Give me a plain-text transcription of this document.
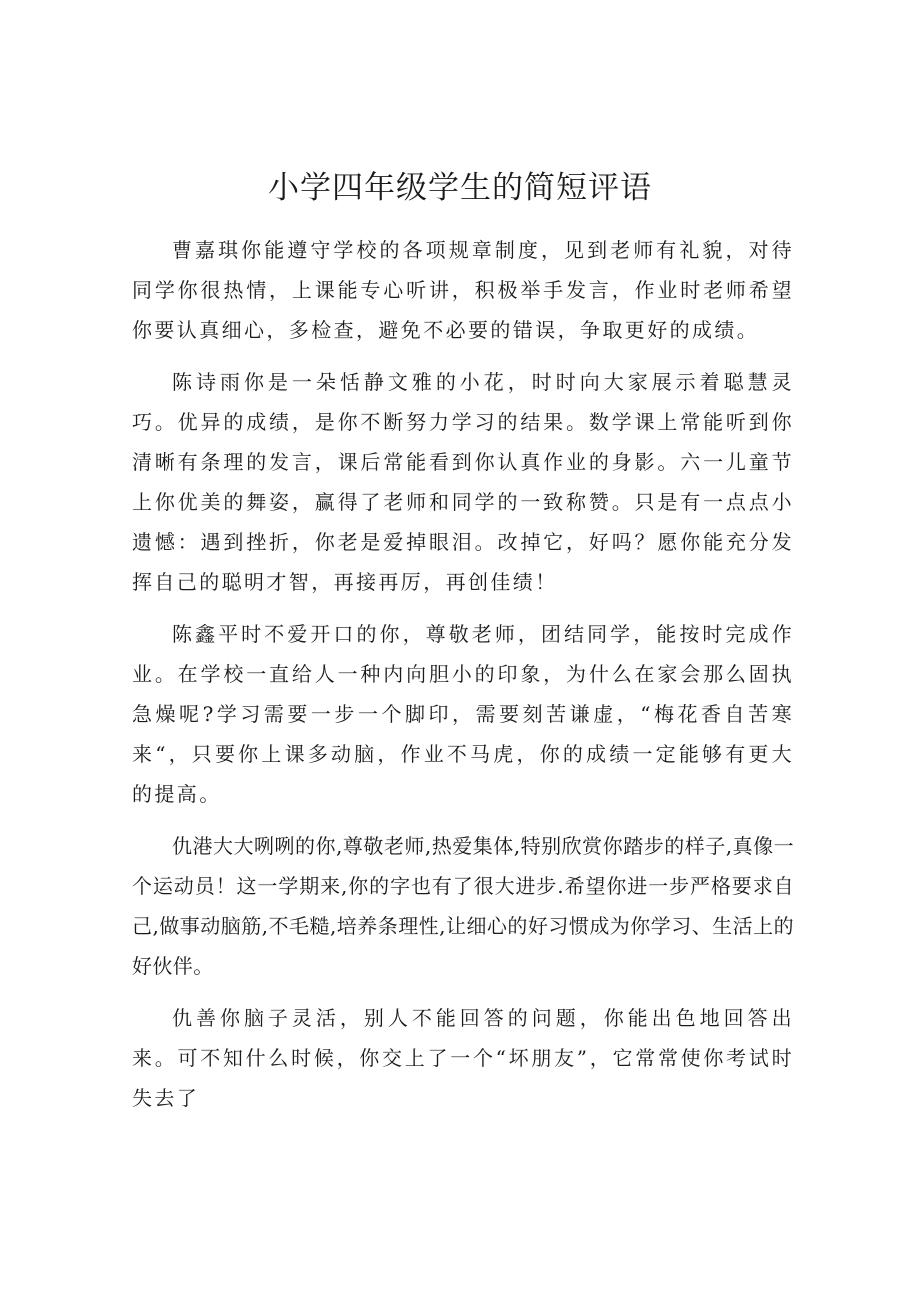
小学四年级学生的简短评语

曹嘉琪你能遵守学校的各项规章制度，见到老师有礼貌，对待同学你很热情，上课能专心听讲，积极举手发言，作业时老师希望你要认真细心，多检查，避免不必要的错误，争取更好的成绩。

陈诗雨你是一朵恬静文雅的小花，时时向大家展示着聪慧灵巧。优异的成绩，是你不断努力学习的结果。数学课上常能听到你清晰有条理的发言，课后常能看到你认真作业的身影。六一儿童节上你优美的舞姿，赢得了老师和同学的一致称赞。只是有一点点小遗憾：遇到挫折，你老是爱掉眼泪。改掉它，好吗？愿你能充分发挥自己的聪明才智，再接再厉，再创佳绩！

陈鑫平时不爱开口的你，尊敬老师，团结同学，能按时完成作业。在学校一直给人一种内向胆小的印象，为什么在家会那么固执急燥呢?学习需要一步一个脚印，需要刻苦谦虚，“梅花香自苦寒来“，只要你上课多动脑，作业不马虎，你的成绩一定能够有更大的提高。

仇港大大咧咧的你,尊敬老师,热爱集体,特别欣赏你踏步的样子,真像一个运动员！这一学期来,你的字也有了很大进步.希望你进一步严格要求自己,做事动脑筋,不毛糙,培养条理性,让细心的好习惯成为你学习、生活上的好伙伴。

仇善你脑子灵活，别人不能回答的问题，你能出色地回答出来。可不知什么时候，你交上了一个“坏朋友”，它常常使你考试时失去了
